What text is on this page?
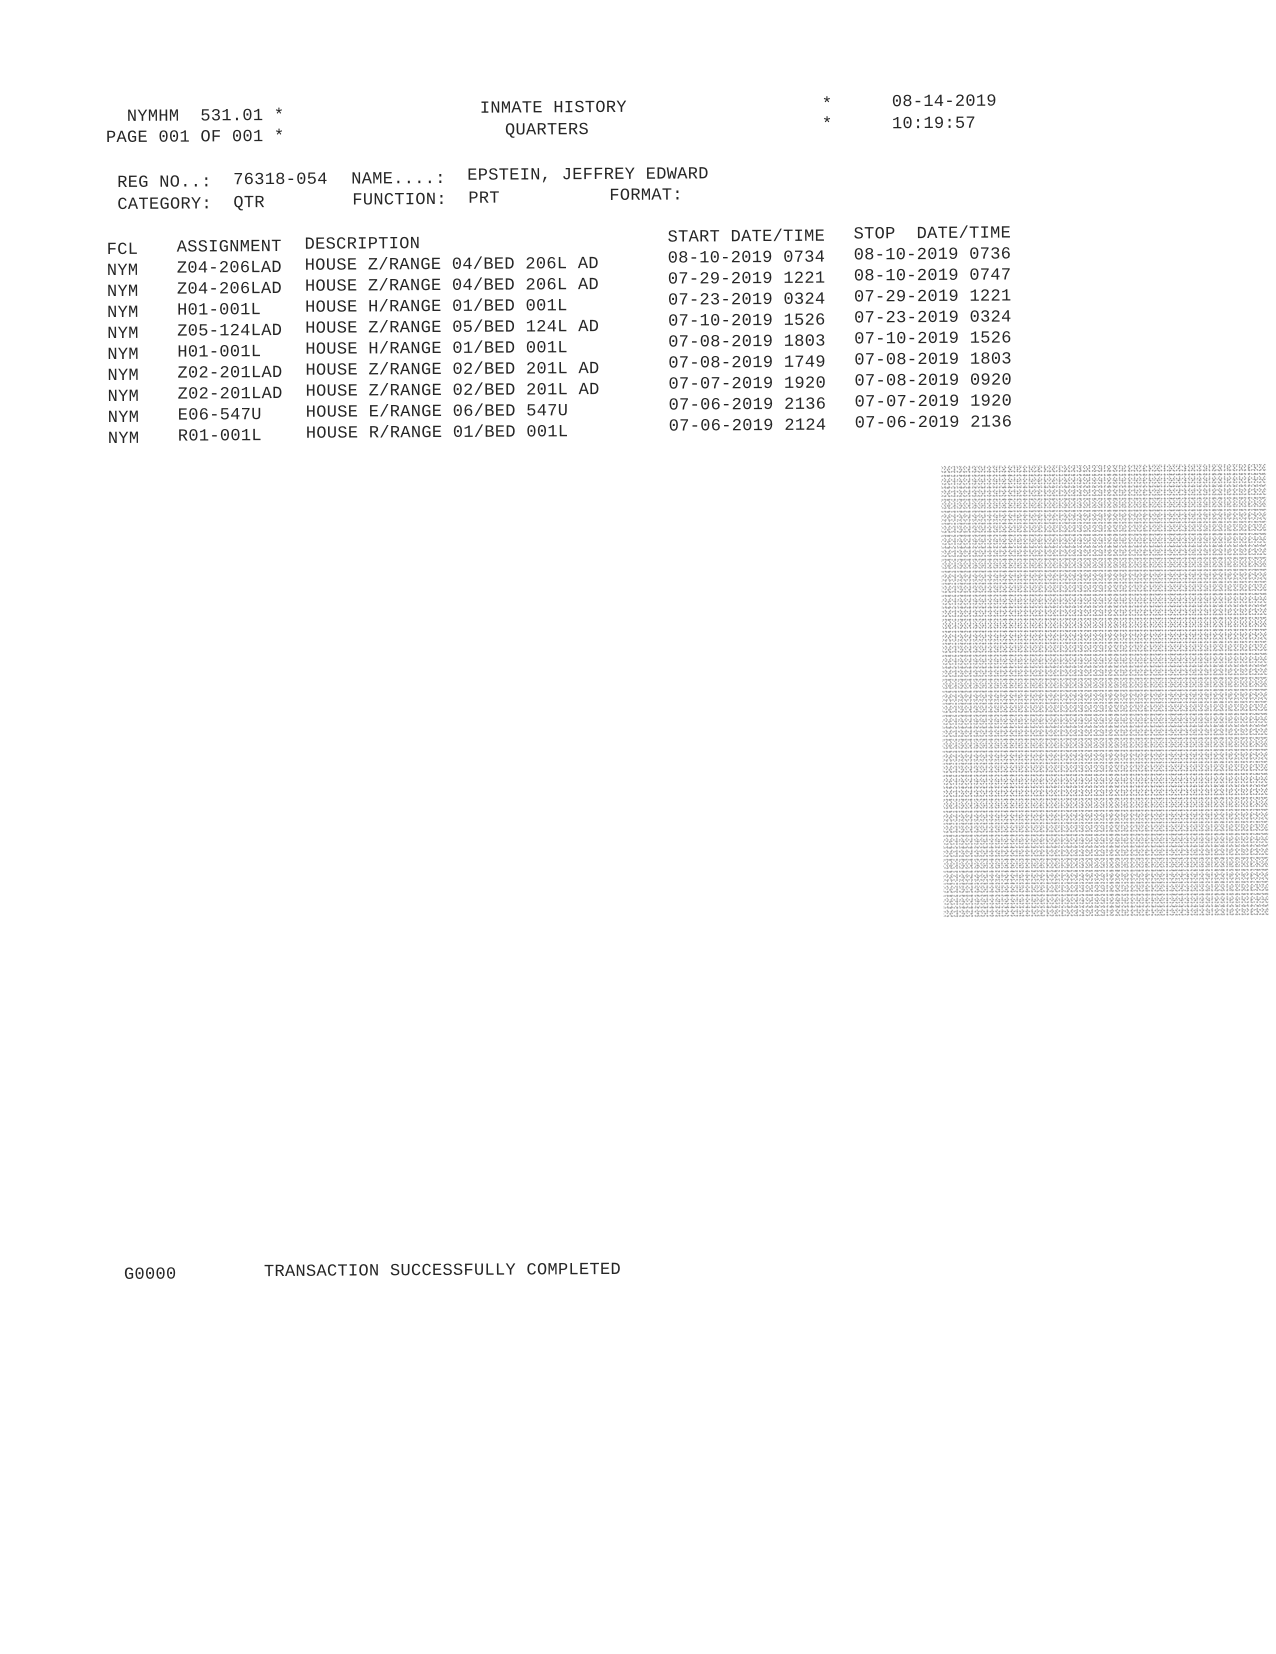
NYMHM  531.01 *
PAGE 001 OF 001 *
INMATE HISTORY
QUARTERS
*
*
08-14-2019
10:19:57
REG NO..: 76318-054 NAME....: EPSTEIN, JEFFREY EDWARD
CATEGORY: QTR	FUNCTION: PRT	FORMAT:
FCL ASSIGNMENT DESCRIPTION	START DATE/TIME STOP  DATE/TIME
NYM Z04-206LAD HOUSE Z/RANGE 04/BED 206L AD	08-10-2019 0734 08-10-2019 0736
NYM Z04-206LAD HOUSE Z/RANGE 04/BED 206L AD	07-29-2019 1221 08-10-2019 0747
NYM H01-001L	HOUSE H/RANGE 01/BED 001L	07-23-2019 0324 07-29-2019 1221
NYM Z05-124LAD HOUSE Z/RANGE 05/BED 124L AD	07-10-2019 1526 07-23-2019 0324
NYM H01-001L	HOUSE H/RANGE 01/BED 001L	07-08-2019 1803 07-10-2019 1526
NYM Z02-201LAD HOUSE Z/RANGE 02/BED 201L AD	07-08-2019 1749 07-08-2019 1803
NYM Z02-201LAD HOUSE Z/RANGE 02/BED 201L AD	07-07-2019 1920 07-08-2019 0920
NYM E06-547U	HOUSE E/RANGE 06/BED 547U	07-06-2019 2136 07-07-2019 1920
NYM R01-001L	HOUSE R/RANGE 01/BED 001L	07-06-2019 2124 07-06-2019 2136
G0000	TRANSACTION SUCCESSFULLY COMPLETED
